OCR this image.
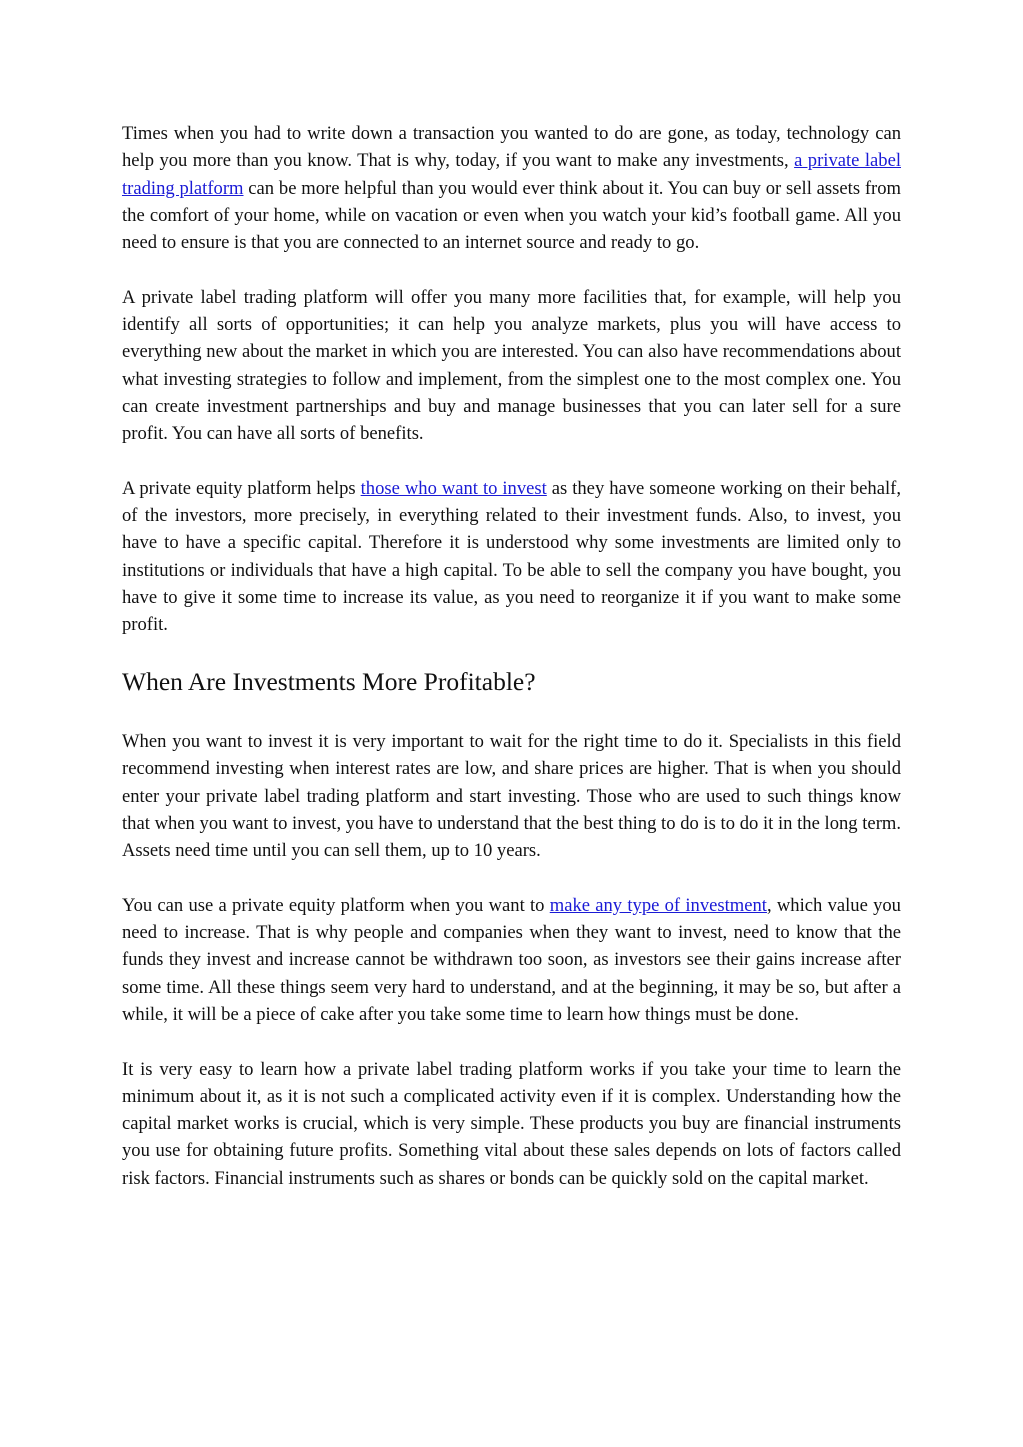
Times when you had to write down a transaction you wanted to do are gone, as today, technology can help you more than you know. That is why, today, if you want to make any investments, a private label trading platform can be more helpful than you would ever think about it. You can buy or sell assets from the comfort of your home, while on vacation or even when you watch your kid’s football game. All you need to ensure is that you are connected to an internet source and ready to go.

A private label trading platform will offer you many more facilities that, for example, will help you identify all sorts of opportunities; it can help you analyze markets, plus you will have access to everything new about the market in which you are interested. You can also have recommendations about what investing strategies to follow and implement, from the simplest one to the most complex one. You can create investment partnerships and buy and manage businesses that you can later sell for a sure profit. You can have all sorts of benefits.

A private equity platform helps those who want to invest as they have someone working on their behalf, of the investors, more precisely, in everything related to their investment funds. Also, to invest, you have to have a specific capital. Therefore it is understood why some investments are limited only to institutions or individuals that have a high capital. To be able to sell the company you have bought, you have to give it some time to increase its value, as you need to reorganize it if you want to make some profit.

When Are Investments More Profitable?

When you want to invest it is very important to wait for the right time to do it. Specialists in this field recommend investing when interest rates are low, and share prices are higher. That is when you should enter your private label trading platform and start investing. Those who are used to such things know that when you want to invest, you have to understand that the best thing to do is to do it in the long term. Assets need time until you can sell them, up to 10 years.

You can use a private equity platform when you want to make any type of investment, which value you need to increase. That is why people and companies when they want to invest, need to know that the funds they invest and increase cannot be withdrawn too soon, as investors see their gains increase after some time. All these things seem very hard to understand, and at the beginning, it may be so, but after a while, it will be a piece of cake after you take some time to learn how things must be done.

It is very easy to learn how a private label trading platform works if you take your time to learn the minimum about it, as it is not such a complicated activity even if it is complex. Understanding how the capital market works is crucial, which is very simple. These products you buy are financial instruments you use for obtaining future profits. Something vital about these sales depends on lots of factors called risk factors. Financial instruments such as shares or bonds can be quickly sold on the capital market.
